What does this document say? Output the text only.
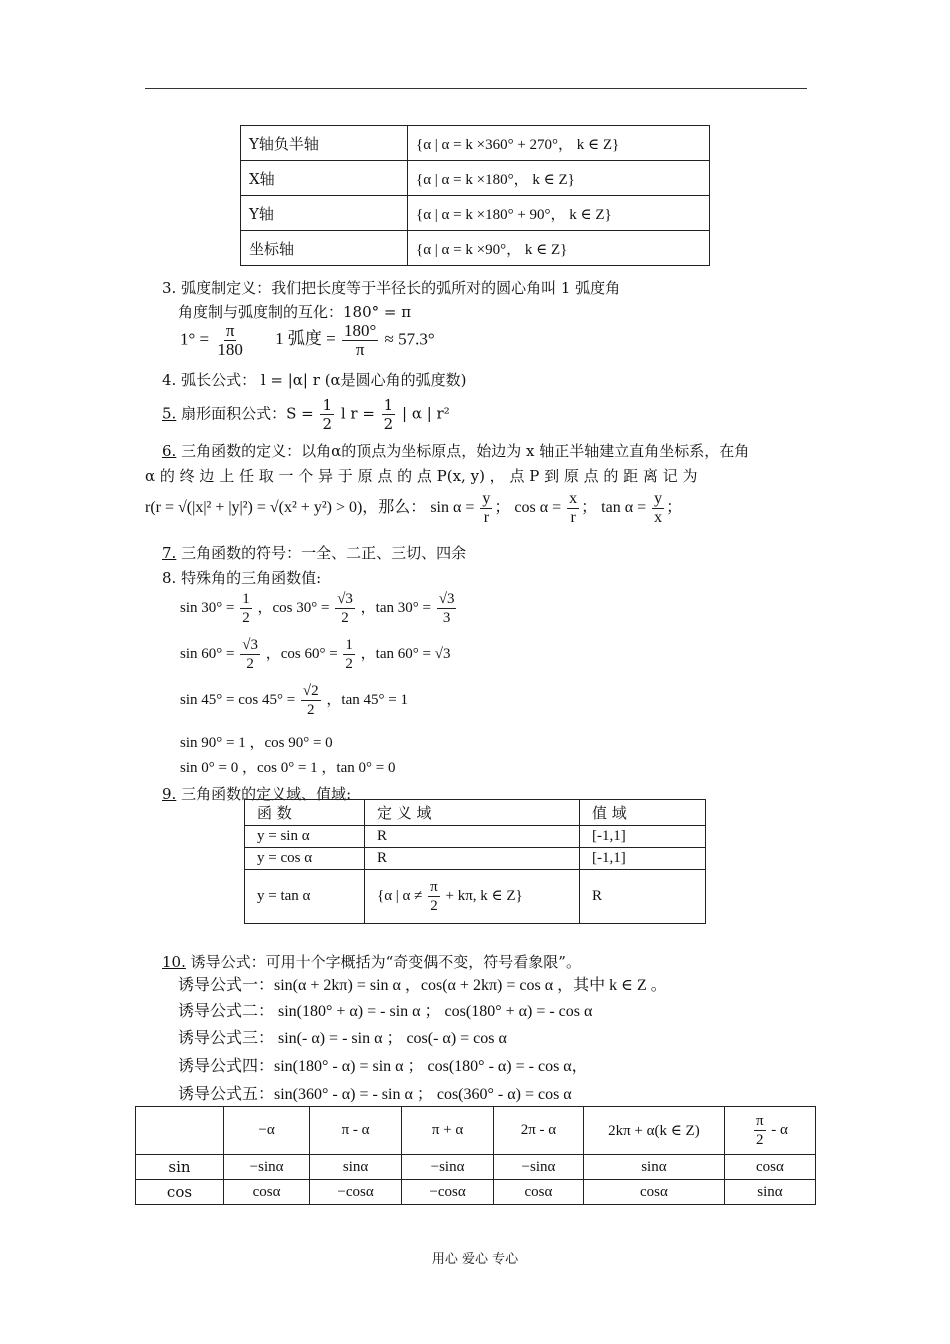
Y轴负半轴	{α | α = k ×360° + 270°， k ∈ Z}
X轴	{α | α = k ×180°， k ∈ Z}
Y轴	{α | α = k ×180° + 90°， k ∈ Z}
坐标轴	{α | α = k ×90°， k ∈ Z}
3. 弧度制定义：我们把长度等于半径长的弧所对的圆心角叫 1 弧度角
角度制与弧度制的互化：180° = π
$1^\circ = \frac{\pi}{180} 1$ 弧度 = $\frac{180^\circ}{\pi} \approx 57.3^\circ$
4. 弧长公式： l = |α| r (α是圆心角的弧度数)
5. 扇形面积公式：$S = \frac{1}{2}$ l $r = \frac{1}{2}$ | α | r²
6. 三角函数的定义：以角α的顶点为坐标原点，始边为 x 轴正半轴建立直角坐标系，在角
α 的 终 边 上 任 取 一 个 异 于 原 点 的 点 P(x, y) ， 点 P 到 原 点 的 距 离 记 为
r(r = √(|x|² + |y|²) = √(x² + y²) > 0)，那么： $\sin \alpha = \frac{y}{r}$ ； $\cos \alpha = \frac{x}{r}$ ； $\tan \alpha = \frac{y}{x}$ ；
7. 三角函数的符号：一全、二正、三切、四余
8. 特殊角的三角函数值:
$\sin 30^\circ = \frac{1}{2}$ ，$\cos 30^\circ = \frac{√3}{2}$ ，$\tan 30^\circ = \frac{√3}{3}$
$\sin 60^\circ = \frac{√3}{2}$ ，$\cos 60^\circ = \frac{1}{2}$ ，tan 60° = √3
$\sin 45^\circ = \cos 45^\circ = \frac{√2}{2}$ ，tan 45° = 1
sin 90° = 1 ，cos 90° = 0
sin 0° = 0 ，cos 0° = 1 ，tan 0° = 0
9. 三角函数的定义域、值域:
函 数	定 义 域	值 域
y = sin α	R	[-1,1]
y = cos α	R	[-1,1]
y = tan α	{α | $\alpha \ne \frac{\pi}{2} + k\pi$, k ∈ Z}	R
10. 诱导公式：可用十个字概括为“奇变偶不变，符号看象限”。
诱导公式一：sin(α + 2kπ) = sin α ，cos(α + 2kπ) = cos α ，其中 k ∈ Z 。
诱导公式二： sin(180° + α) = - sin α ； cos(180° + α) = - cos α
诱导公式三： sin(- α) = - sin α ； cos(- α) = cos α
诱导公式四：sin(180° - α) = sin α ； cos(180° - α) = - cos α，
诱导公式五：sin(360° - α) = - sin α ； cos(360° - α) = cos α
	−α	π - α	π + α	2π - α	2kπ + α(k ∈ Z)	$\frac{\pi}{2}$ - α
sin	−sinα	sinα	−sinα	−sinα	sinα	cosα
cos	cosα	−cosα	−cosα	cosα	cosα	sinα
用心 爱心 专心
